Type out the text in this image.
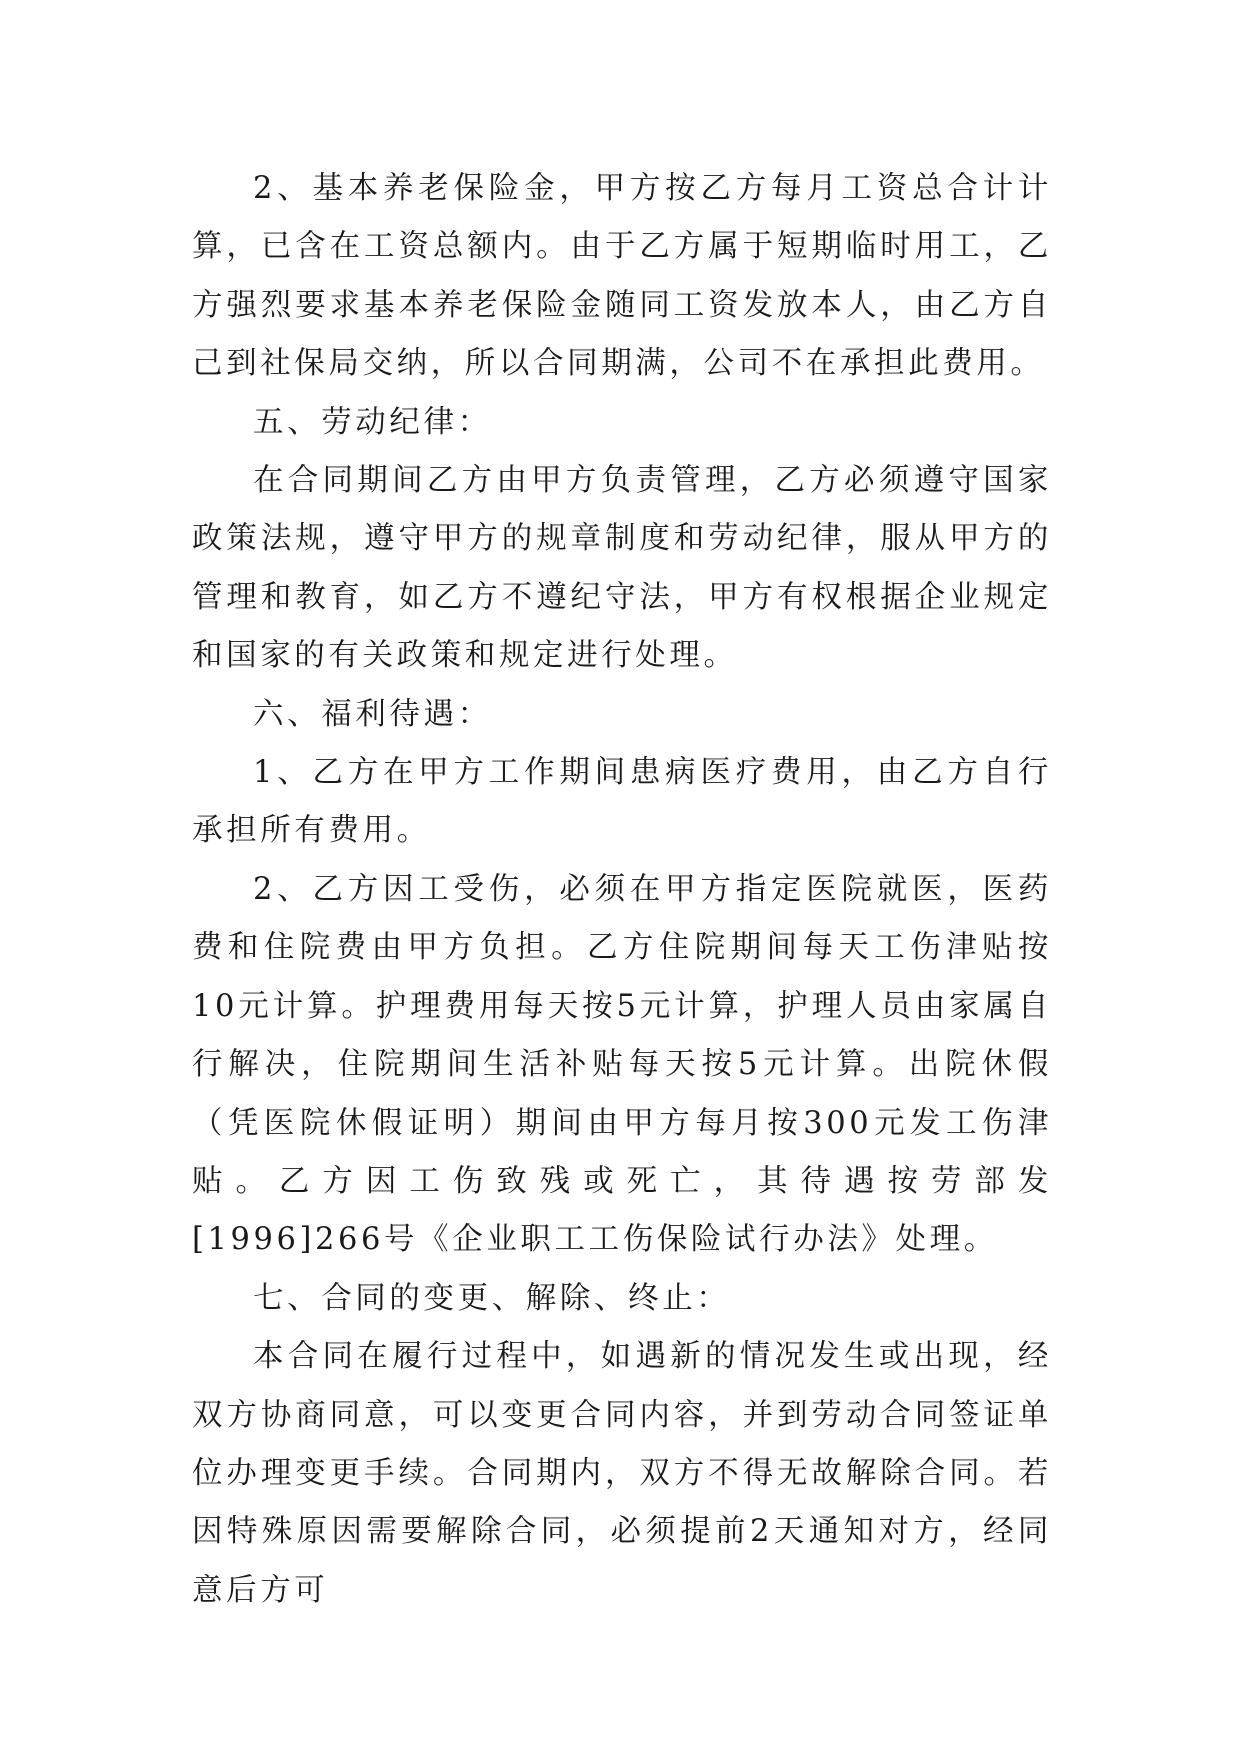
2、基本养老保险金，甲方按乙方每月工资总合计计算，已含在工资总额内。由于乙方属于短期临时用工，乙方强烈要求基本养老保险金随同工资发放本人，由乙方自己到社保局交纳，所以合同期满，公司不在承担此费用。

五、劳动纪律：

在合同期间乙方由甲方负责管理，乙方必须遵守国家政策法规，遵守甲方的规章制度和劳动纪律，服从甲方的管理和教育，如乙方不遵纪守法，甲方有权根据企业规定和国家的有关政策和规定进行处理。

六、福利待遇：

1、乙方在甲方工作期间患病医疗费用，由乙方自行承担所有费用。

2、乙方因工受伤，必须在甲方指定医院就医，医药费和住院费由甲方负担。乙方住院期间每天工伤津贴按10元计算。护理费用每天按5元计算，护理人员由家属自行解决，住院期间生活补贴每天按5元计算。出院休假（凭医院休假证明）期间由甲方每月按300元发工伤津贴。乙方因工伤致残或死亡，其待遇按劳部发[1996]266号《企业职工工伤保险试行办法》处理。

七、合同的变更、解除、终止：

本合同在履行过程中，如遇新的情况发生或出现，经双方协商同意，可以变更合同内容，并到劳动合同签证单位办理变更手续。合同期内，双方不得无故解除合同。若因特殊原因需要解除合同，必须提前2天通知对方，经同意后方可
